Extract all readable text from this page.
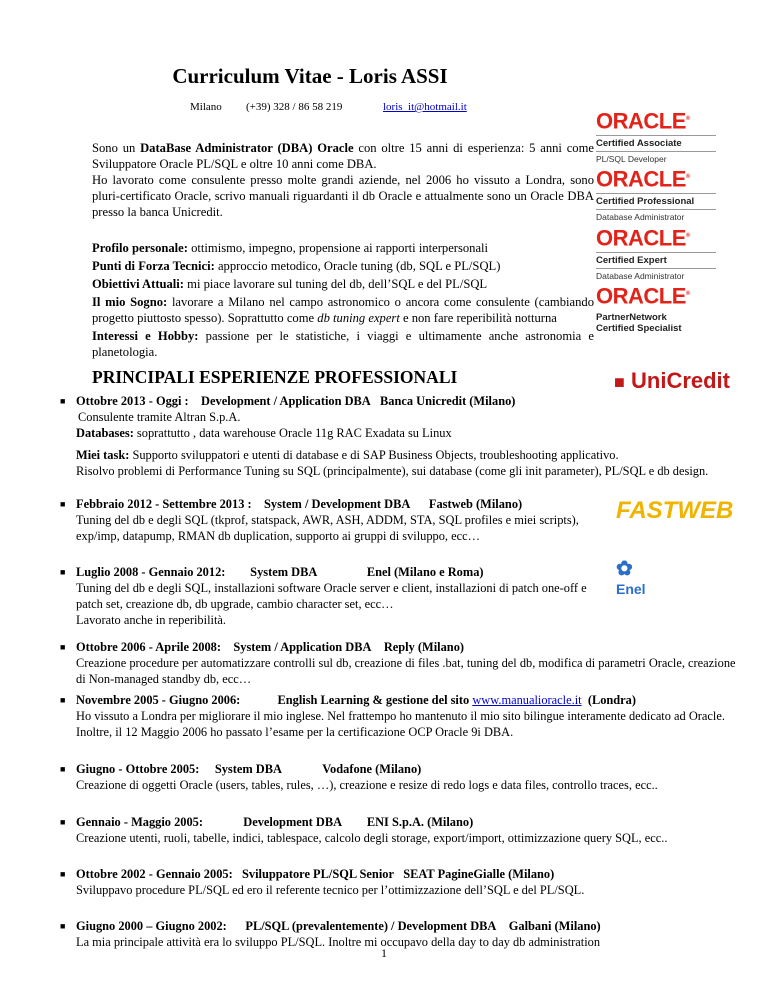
Curriculum Vitae - Loris ASSI
Milano (+39) 328 / 86 58 219	loris_it@hotmail.it
ORACLE®
Certified Associate
PL/SQL Developer
ORACLE®
Certified Professional
Database Administrator
ORACLE®
Certified Expert
Database Administrator
ORACLE®
PartnerNetwork
Certified Specialist
Sono un DataBase Administrator (DBA) Oracle con oltre 15 anni di esperienza: 5 anni come Sviluppatore Oracle PL/SQL e oltre 10 anni come DBA.
Ho lavorato come consulente presso molte grandi aziende, nel 2006 ho vissuto a Londra, sono pluri-certificato Oracle, scrivo manuali riguardanti il db Oracle e attualmente sono un Oracle DBA presso la banca Unicredit.
Profilo personale: ottimismo, impegno, propensione ai rapporti interpersonali
Punti di Forza Tecnici: approccio metodico, Oracle tuning (db, SQL e PL/SQL)
Obiettivi Attuali: mi piace lavorare sul tuning del db, dell’SQL e del PL/SQL
Il mio Sogno: lavorare a Milano nel campo astronomico o ancora come consulente (cambiando progetto piuttosto spesso). Soprattutto come db tuning expert e non fare reperibilità notturna
Interessi e Hobby: passione per le statistiche, i viaggi e ultimamente anche astronomia e planetologia.
PRINCIPALI ESPERIENZE PROFESSIONALI	■ UniCredit
FASTWEB
✿
Enel
■ Ottobre 2013 - Oggi : Development / Application DBA Banca Unicredit (Milano)
Consulente tramite Altran S.p.A.
Databases: soprattutto , data warehouse Oracle 11g RAC Exadata su Linux
Miei task: Supporto sviluppatori e utenti di database e di SAP Business Objects, troubleshooting applicativo.
Risolvo problemi di Performance Tuning su SQL (principalmente), sui database (come gli init parameter), PL/SQL e db design.
■ Febbraio 2012 - Settembre 2013 : System / Development DBA Fastweb (Milano)
Tuning del db e degli SQL (tkprof, statspack, AWR, ASH, ADDM, STA, SQL profiles e miei scripts), exp/imp, datapump, RMAN db duplication, supporto ai gruppi di sviluppo, ecc…
■ Luglio 2008 - Gennaio 2012: System DBA	Enel (Milano e Roma)
Tuning del db e degli SQL, installazioni software Oracle server e client, installazioni di patch one-off e patch set, creazione db, db upgrade, cambio character set, ecc…
Lavorato anche in reperibilità.
■ Ottobre 2006 - Aprile 2008: System / Application DBA Reply (Milano)
Creazione procedure per automatizzare controlli sul db, creazione di files .bat, tuning del db, modifica di parametri Oracle, creazione di Non-managed standby db, ecc…
■ Novembre 2005 - Giugno 2006:	English Learning & gestione del sito www.manualioracle.it (Londra)
Ho vissuto a Londra per migliorare il mio inglese. Nel frattempo ho mantenuto il mio sito bilingue interamente dedicato ad Oracle. Inoltre, il 12 Maggio 2006 ho passato l’esame per la certificazione OCP Oracle 9i DBA.
■ Giugno - Ottobre 2005: System DBA	Vodafone (Milano)
Creazione di oggetti Oracle (users, tables, rules, …), creazione e resize di redo logs e data files, controllo traces, ecc..
■ Gennaio - Maggio 2005:	Development DBA ENI S.p.A. (Milano)
Creazione utenti, ruoli, tabelle, indici, tablespace, calcolo degli storage, export/import, ottimizzazione query SQL, ecc..
■ Ottobre 2002 - Gennaio 2005: Sviluppatore PL/SQL Senior SEAT PagineGialle (Milano)
Sviluppavo procedure PL/SQL ed ero il referente tecnico per l’ottimizzazione dell’SQL e del PL/SQL.
■ Giugno 2000 – Giugno 2002: PL/SQL (prevalentemente) / Development DBA Galbani (Milano)
La mia principale attività era lo sviluppo PL/SQL. Inoltre mi occupavo della day to day db administration
1
